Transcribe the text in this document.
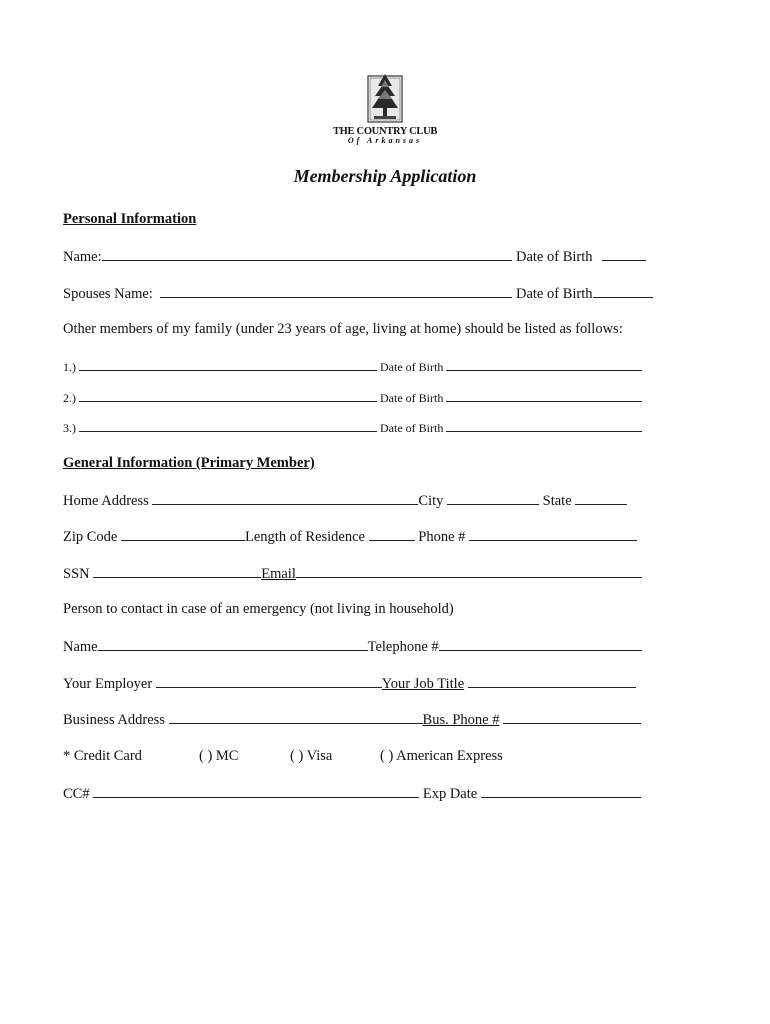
THE COUNTRY CLUB
Of Arkansas
Membership Application
Personal Information
Name:	Date of Birth
Spouses Name:	Date of Birth
Other members of my family (under 23 years of age, living at home) should be listed as follows:
1.)	Date of Birth
2.)	Date of Birth
3.)	Date of Birth
General Information (Primary Member)
Home Address	City	State
Zip Code	Length of Residence	Phone #
SSN	Email
Person to contact in case of an emergency (not living in household)
Name	Telephone #
Your Employer	Your Job Title
Business Address	Bus. Phone #
* Credit Card	( ) MC	( ) Visa	( ) American Express
CC#	Exp Date
